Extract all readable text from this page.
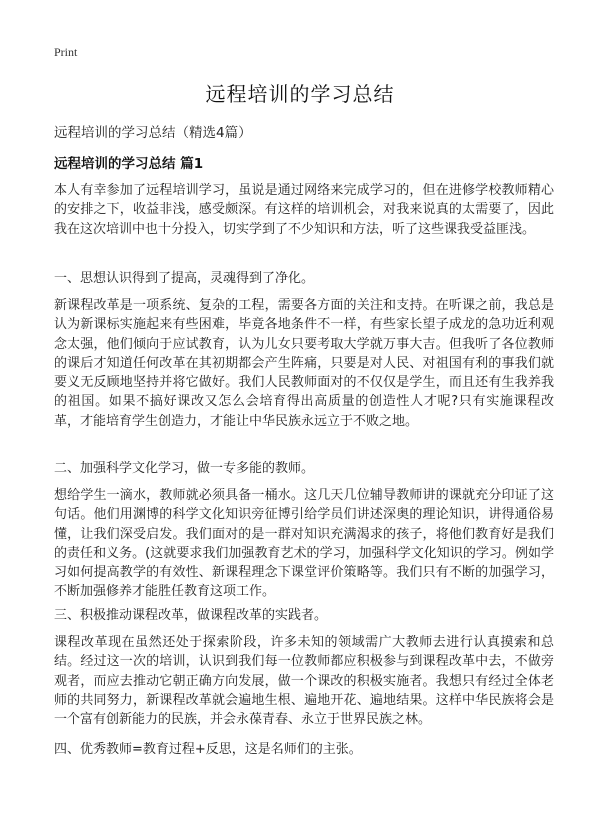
Print
远程培训的学习总结
远程培训的学习总结（精选4篇）
远程培训的学习总结 篇1

本人有幸参加了远程培训学习，虽说是通过网络来完成学习的，但在进修学校教师精心的安排之下，收益非浅，感受颇深。有这样的培训机会，对我来说真的太需要了，因此我在这次培训中也十分投入，切实学到了不少知识和方法，听了这些课我受益匪浅。

一、思想认识得到了提高，灵魂得到了净化。

新课程改革是一项系统、复杂的工程，需要各方面的关注和支持。在听课之前，我总是认为新课标实施起来有些困难，毕竟各地条件不一样，有些家长望子成龙的急功近利观念太强，他们倾向于应试教育，认为儿女只要考取大学就万事大吉。但我听了各位教师的课后才知道任何改革在其初期都会产生阵痛，只要是对人民、对祖国有利的事我们就要义无反顾地坚持并将它做好。我们人民教师面对的不仅仅是学生，而且还有生我养我的祖国。如果不搞好课改又怎么会培育得出高质量的创造性人才呢?只有实施课程改革，才能培育学生创造力，才能让中华民族永远立于不败之地。

二、加强科学文化学习，做一专多能的教师。

想给学生一滴水，教师就必须具备一桶水。这几天几位辅导教师讲的课就充分印证了这句话。他们用渊博的科学文化知识旁征博引给学员们讲述深奥的理论知识，讲得通俗易懂，让我们深受启发。我们面对的是一群对知识充满渴求的孩子，将他们教育好是我们的责任和义务。(这就要求我们加强教育艺术的学习，加强科学文化知识的学习。例如学习如何提高教学的有效性、新课程理念下课堂评价策略等。我们只有不断的加强学习，不断加强修养才能胜任教育这项工作。

三、积极推动课程改革，做课程改革的实践者。

课程改革现在虽然还处于探索阶段，许多未知的领域需广大教师去进行认真摸索和总结。经过这一次的培训，认识到我们每一位教师都应积极参与到课程改革中去，不做旁观者，而应去推动它朝正确方向发展，做一个课改的积极实施者。我想只有经过全体老师的共同努力，新课程改革就会遍地生根、遍地开花、遍地结果。这样中华民族将会是一个富有创新能力的民族，并会永葆青春、永立于世界民族之林。

四、优秀教师=教育过程+反思，这是名师们的主张。
